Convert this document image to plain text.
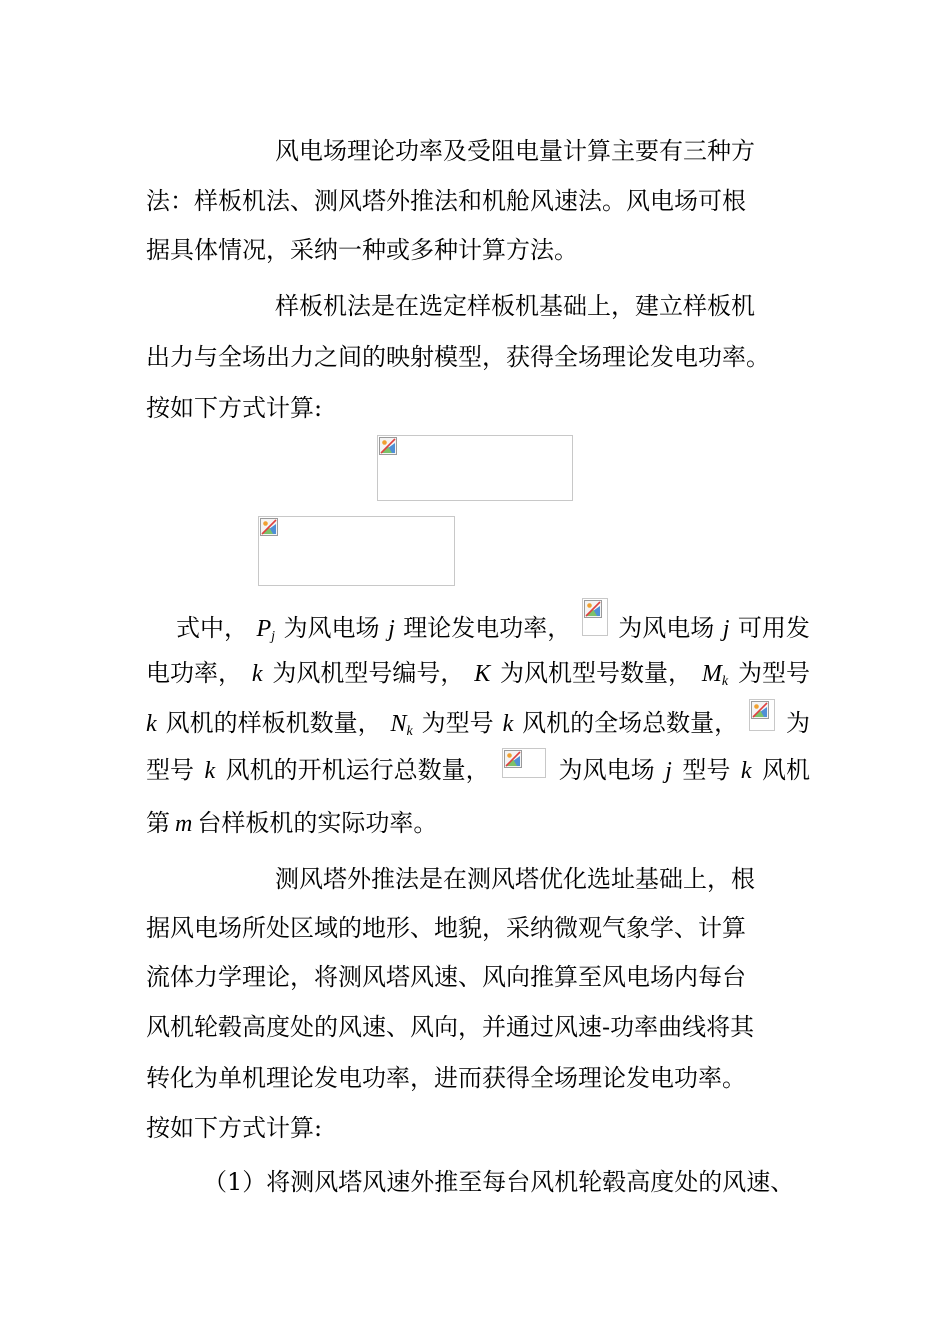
风电场理论功率及受阻电量计算主要有三种方
法：样板机法、测风塔外推法和机舱风速法。风电场可根
据具体情况，采纳一种或多种计算方法。
样板机法是在选定样板机基础上，建立样板机
出力与全场出力之间的映射模型，获得全场理论发电功率。
按如下方式计算:
式中， $P_j$ 为风电场 j 理论发电功率， 为风电场 j 可用发
电功率， k 为风机型号编号， K 为风机型号数量， $M_k$ 为型号
k 风机的样板机数量， $N_k$ 为型号 k 风机的全场总数量， 为
型号 k 风机的开机运行总数量，	为风电场 j 型号 k 风机
第 m 台样板机的实际功率。
测风塔外推法是在测风塔优化选址基础上，根
据风电场所处区域的地形、地貌，采纳微观气象学、计算
流体力学理论，将测风塔风速、风向推算至风电场内每台
风机轮毂高度处的风速、风向，并通过风速-功率曲线将其
转化为单机理论发电功率，进而获得全场理论发电功率。
按如下方式计算:
（1）将测风塔风速外推至每台风机轮毂高度处的风速、
